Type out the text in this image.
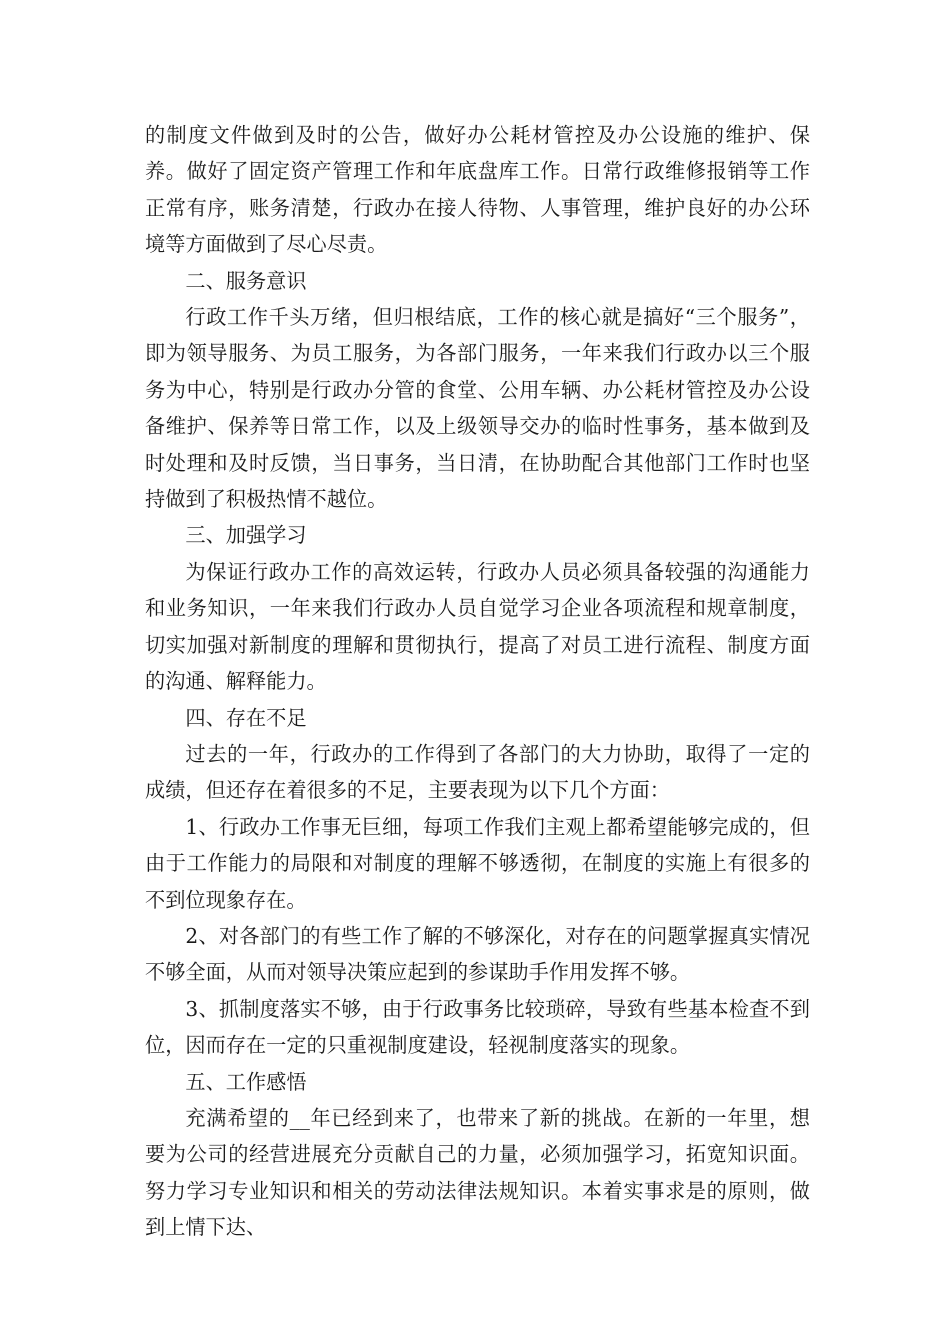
的制度文件做到及时的公告，做好办公耗材管控及办公设施的维护、保养。做好了固定资产管理工作和年底盘库工作。日常行政维修报销等工作正常有序，账务清楚，行政办在接人待物、人事管理，维护良好的办公环境等方面做到了尽心尽责。

二、服务意识

行政工作千头万绪，但归根结底，工作的核心就是搞好“三个服务”，即为领导服务、为员工服务，为各部门服务，一年来我们行政办以三个服务为中心，特别是行政办分管的食堂、公用车辆、办公耗材管控及办公设备维护、保养等日常工作，以及上级领导交办的临时性事务，基本做到及时处理和及时反馈，当日事务，当日清，在协助配合其他部门工作时也坚持做到了积极热情不越位。

三、加强学习

为保证行政办工作的高效运转，行政办人员必须具备较强的沟通能力和业务知识，一年来我们行政办人员自觉学习企业各项流程和规章制度，切实加强对新制度的理解和贯彻执行，提高了对员工进行流程、制度方面的沟通、解释能力。

四、存在不足

过去的一年，行政办的工作得到了各部门的大力协助，取得了一定的成绩，但还存在着很多的不足，主要表现为以下几个方面：

1、行政办工作事无巨细，每项工作我们主观上都希望能够完成的，但由于工作能力的局限和对制度的理解不够透彻，在制度的实施上有很多的不到位现象存在。

2、对各部门的有些工作了解的不够深化，对存在的问题掌握真实情况不够全面，从而对领导决策应起到的参谋助手作用发挥不够。

3、抓制度落实不够，由于行政事务比较琐碎，导致有些基本检查不到位，因而存在一定的只重视制度建设，轻视制度落实的现象。

五、工作感悟

充满希望的__年已经到来了，也带来了新的挑战。在新的一年里，想要为公司的经营进展充分贡献自己的力量，必须加强学习，拓宽知识面。努力学习专业知识和相关的劳动法律法规知识。本着实事求是的原则，做到上情下达、
